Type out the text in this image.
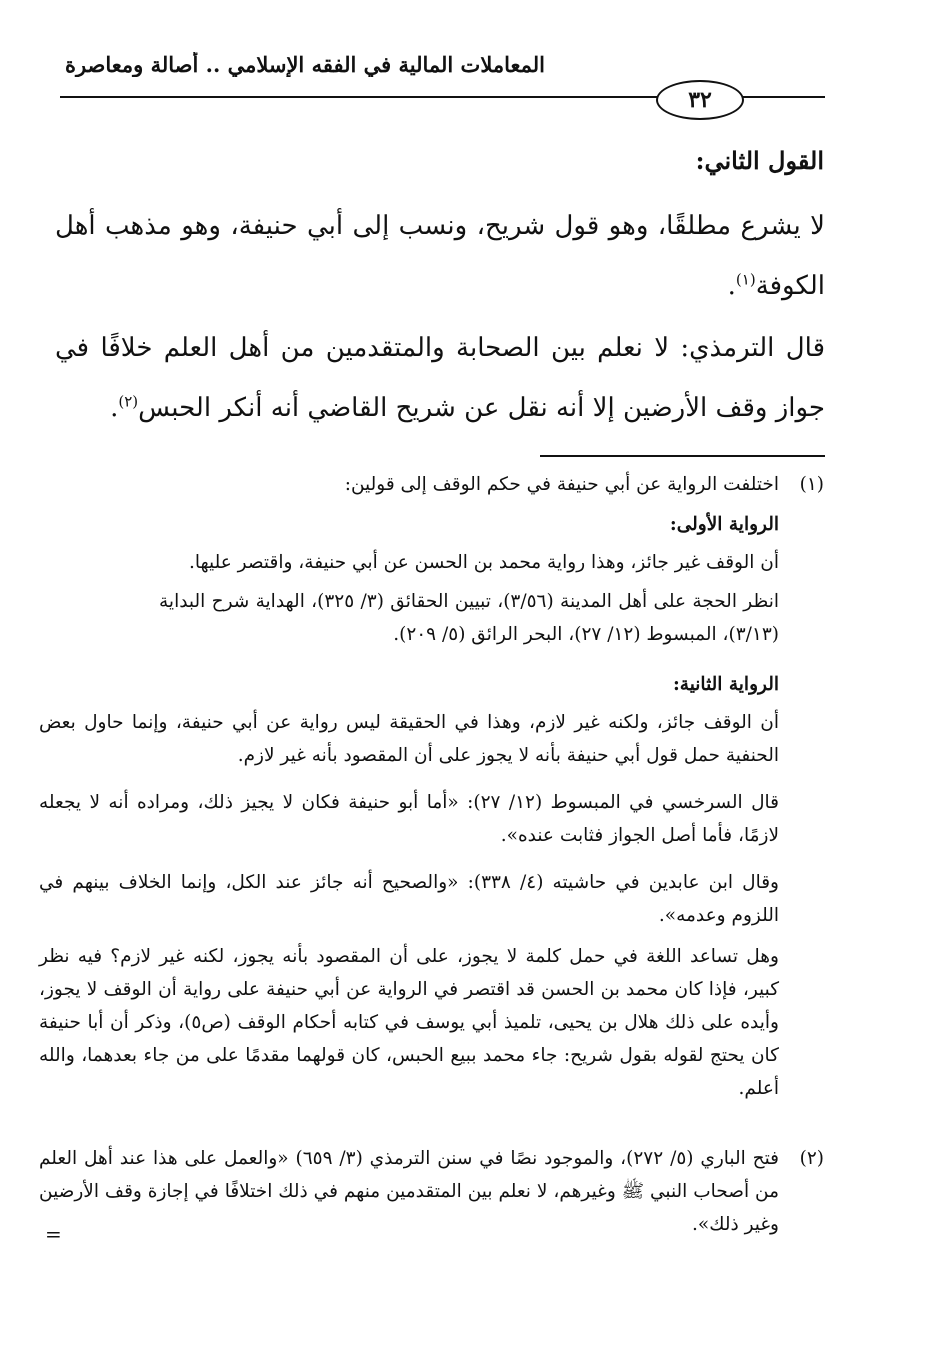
المعاملات المالية في الفقه الإسلامي .. أصالة ومعاصرة
٣٢
القول الثاني:
لا يشرع مطلقًا، وهو قول شريح، ونسب إلى أبي حنيفة، وهو مذهب أهل الكوفة$^{(١)}$.
قال الترمذي: لا نعلم بين الصحابة والمتقدمين من أهل العلم خلافًا في جواز وقف الأرضين إلا أنه نقل عن شريح القاضي أنه أنكر الحبس$^{(٢)}$.
(١)
اختلفت الرواية عن أبي حنيفة في حكم الوقف إلى قولين:
الرواية الأولى:
أن الوقف غير جائز، وهذا رواية محمد بن الحسن عن أبي حنيفة، واقتصر عليها.
انظر الحجة على أهل المدينة (٣/٥٦)، تبيين الحقائق (٣/ ٣٢٥)، الهداية شرح البداية (٣/١٣)، المبسوط (١٢/ ٢٧)، البحر الرائق (٥/ ٢٠٩).
الرواية الثانية:
أن الوقف جائز، ولكنه غير لازم، وهذا في الحقيقة ليس رواية عن أبي حنيفة، وإنما حاول بعض الحنفية حمل قول أبي حنيفة بأنه لا يجوز على أن المقصود بأنه غير لازم.
قال السرخسي في المبسوط (١٢/ ٢٧): «أما أبو حنيفة فكان لا يجيز ذلك، ومراده أنه لا يجعله لازمًا، فأما أصل الجواز فثابت عنده».
وقال ابن عابدين في حاشيته (٤/ ٣٣٨): «والصحيح أنه جائز عند الكل، وإنما الخلاف بينهم في اللزوم وعدمه».
وهل تساعد اللغة في حمل كلمة لا يجوز، على أن المقصود بأنه يجوز، لكنه غير لازم؟ فيه نظر كبير، فإذا كان محمد بن الحسن قد اقتصر في الرواية عن أبي حنيفة على رواية أن الوقف لا يجوز، وأيده على ذلك هلال بن يحيى، تلميذ أبي يوسف في كتابه أحكام الوقف (ص٥)، وذكر أن أبا حنيفة كان يحتج لقوله بقول شريح: جاء محمد ببيع الحبس، كان قولهما مقدمًا على من جاء بعدهما، والله أعلم.
(٢)
فتح الباري (٥/ ٢٧٢)، والموجود نصًا في سنن الترمذي (٣/ ٦٥٩) «والعمل على هذا عند أهل العلم من أصحاب النبي ﷺ وغيرهم، لا نعلم بين المتقدمين منهم في ذلك اختلافًا في إجازة وقف الأرضين وغير ذلك».
=
